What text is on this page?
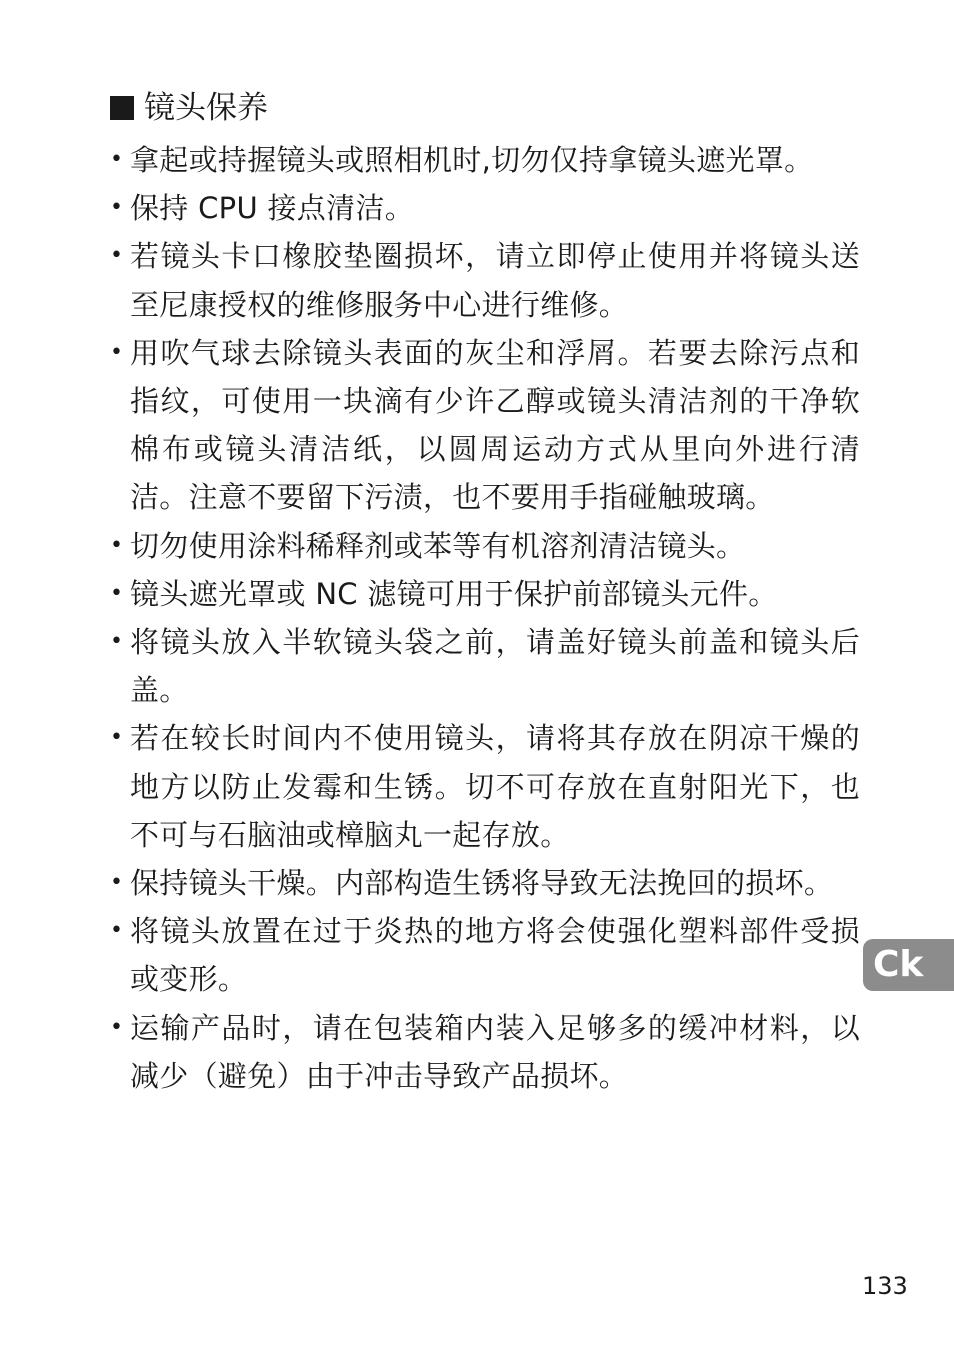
镜头保养
• 拿起或持握镜头或照相机时,切勿仅持拿镜头遮光罩。
• 保持 CPU 接点清洁。
• 若镜头卡口橡胶垫圈损坏，请立即停止使用并将镜头送至尼康授权的维修服务中心进行维修。
• 用吹气球去除镜头表面的灰尘和浮屑。若要去除污点和指纹，可使用一块滴有少许乙醇或镜头清洁剂的干净软棉布或镜头清洁纸，以圆周运动方式从里向外进行清洁。注意不要留下污渍，也不要用手指碰触玻璃。
• 切勿使用涂料稀释剂或苯等有机溶剂清洁镜头。
• 镜头遮光罩或 NC 滤镜可用于保护前部镜头元件。
• 将镜头放入半软镜头袋之前，请盖好镜头前盖和镜头后盖。
• 若在较长时间内不使用镜头，请将其存放在阴凉干燥的地方以防止发霉和生锈。切不可存放在直射阳光下，也不可与石脑油或樟脑丸一起存放。
• 保持镜头干燥。内部构造生锈将导致无法挽回的损坏。
• 将镜头放置在过于炎热的地方将会使强化塑料部件受损或变形。
• 运输产品时，请在包装箱内装入足够多的缓冲材料，以减少（避免）由于冲击导致产品损坏。
Ck
133
